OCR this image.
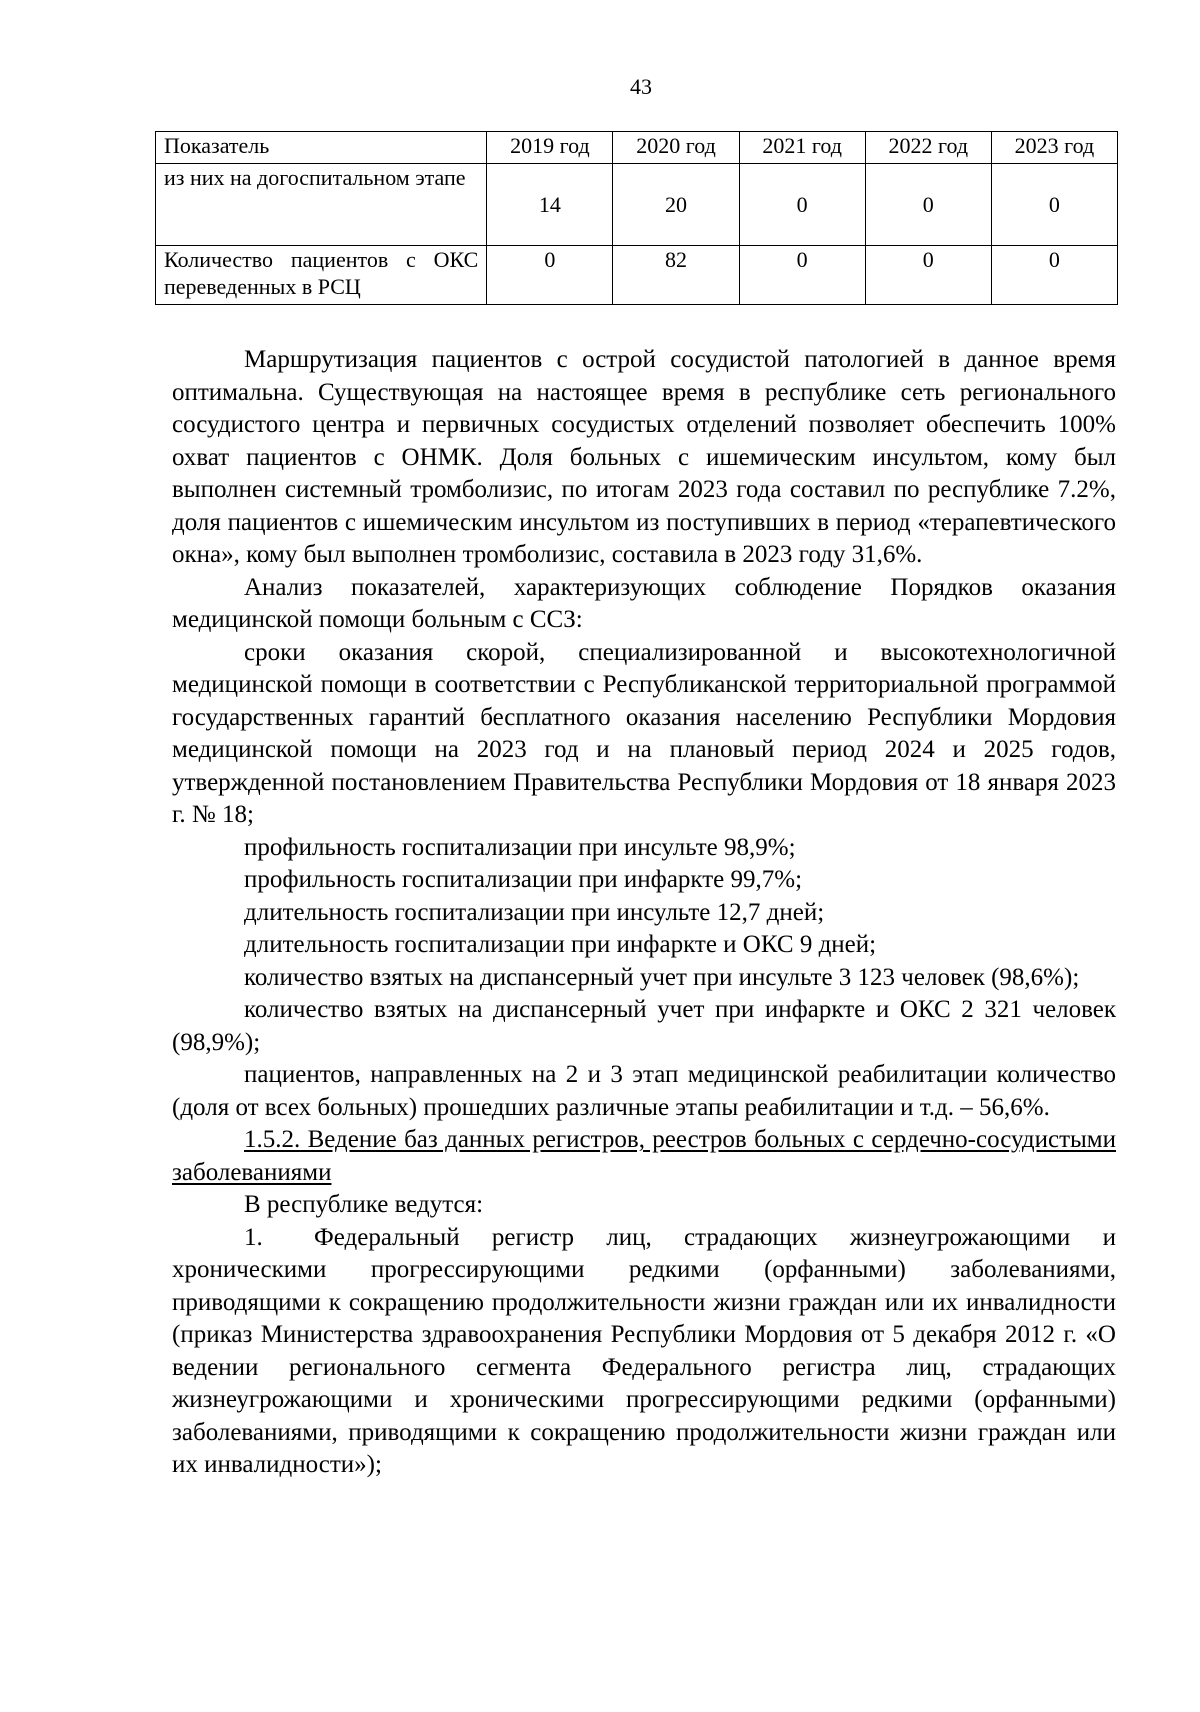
43
Показатель	2019 год	2020 год	2021 год	2022 год	2023 год
из них на догоспитальном этапе	14	20	0	0	0
Количество пациентов с ОКС переведенных в РСЦ	0	82	0	0	0

Маршрутизация пациентов с острой сосудистой патологией в данное время оптимальна. Существующая на настоящее время в республике сеть регионального сосудистого центра и первичных сосудистых отделений позволяет обеспечить 100% охват пациентов с ОНМК. Доля больных с ишемическим инсультом, кому был выполнен системный тромболизис, по итогам 2023 года составил по республике 7.2%, доля пациентов с ишемическим инсультом из поступивших в период «терапевтического окна», кому был выполнен тромболизис, составила в 2023 году 31,6%.

Анализ показателей, характеризующих соблюдение Порядков оказания медицинской помощи больным с ССЗ:

сроки оказания скорой, специализированной и высокотехнологичной медицинской помощи в соответствии с Республиканской территориальной программой государственных гарантий бесплатного оказания населению Республики Мордовия медицинской помощи на 2023 год и на плановый период 2024 и 2025 годов, утвержденной постановлением Правительства Республики Мордовия от 18 января 2023 г. № 18;

профильность госпитализации при инсульте 98,9%;

профильность госпитализации при инфаркте 99,7%;

длительность госпитализации при инсульте 12,7 дней;

длительность госпитализации при инфаркте и ОКС 9 дней;

количество взятых на диспансерный учет при инсульте 3 123 человек (98,6%);

количество взятых на диспансерный учет при инфаркте и ОКС 2 321 человек (98,9%);

пациентов, направленных на 2 и 3 этап медицинской реабилитации количество (доля от всех больных) прошедших различные этапы реабилитации и т.д. – 56,6%.

1.5.2. Ведение баз данных регистров, реестров больных с сердечно-сосудистыми заболеваниями

В республике ведутся:

1. Федеральный регистр лиц, страдающих жизнеугрожающими и хроническими прогрессирующими редкими (орфанными) заболеваниями, приводящими к сокращению продолжительности жизни граждан или их инвалидности (приказ Министерства здравоохранения Республики Мордовия от 5 декабря 2012 г. «О ведении регионального сегмента Федерального регистра лиц, страдающих жизнеугрожающими и хроническими прогрессирующими редкими (орфанными) заболеваниями, приводящими к сокращению продолжительности жизни граждан или их инвалидности»);
